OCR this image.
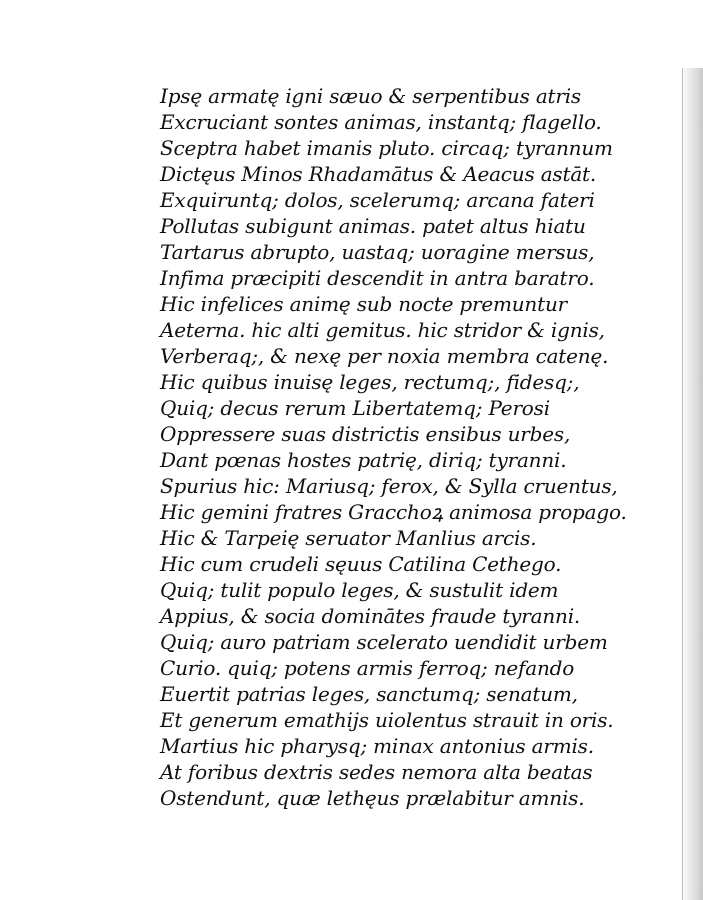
Ipsę armatę igni sæuo & serpentibus atris
Excruciant sontes animas, instantq; flagello.
Sceptra habet imanis pluto. circaq; tyrannum
Dictęus Minos Rhadamātus & Aeacus astāt.
Exquiruntq; dolos, scelerumq; arcana fateri
Pollutas subigunt animas. patet altus hiatu
Tartarus abrupto, uastaq; uoragine mersus,
Infima præcipiti descendit in antra baratro.
Hic infelices animę sub nocte premuntur
Aeterna. hic alti gemitus. hic stridor & ignis,
Verberaq;, & nexę per noxia membra catenę.
Hic quibus inuisę leges, rectumq;, fidesq;,
Quiq; decus rerum Libertatemq; Perosi
Oppressere suas districtis ensibus urbes,
Dant pœnas hostes patrię, diriq; tyranni.
Spurius hic: Mariusq; ferox, & Sylla cruentus,
Hic gemini fratres Gracchoꝝ animosa propago.
Hic & Tarpeię seruator Manlius arcis.
Hic cum crudeli sęuus Catilina Cethego.
Quiq; tulit populo leges, & sustulit idem
Appius, & socia dominātes fraude tyranni.
Quiq; auro patriam scelerato uendidit urbem
Curio. quiq; potens armis ferroq; nefando
Euertit patrias leges, sanctumq; senatum,
Et generum emathijs uiolentus strauit in oris.
Martius hic pharysq; minax antonius armis.
At foribus dextris sedes nemora alta beatas
Ostendunt, quæ lethęus prælabitur amnis.
